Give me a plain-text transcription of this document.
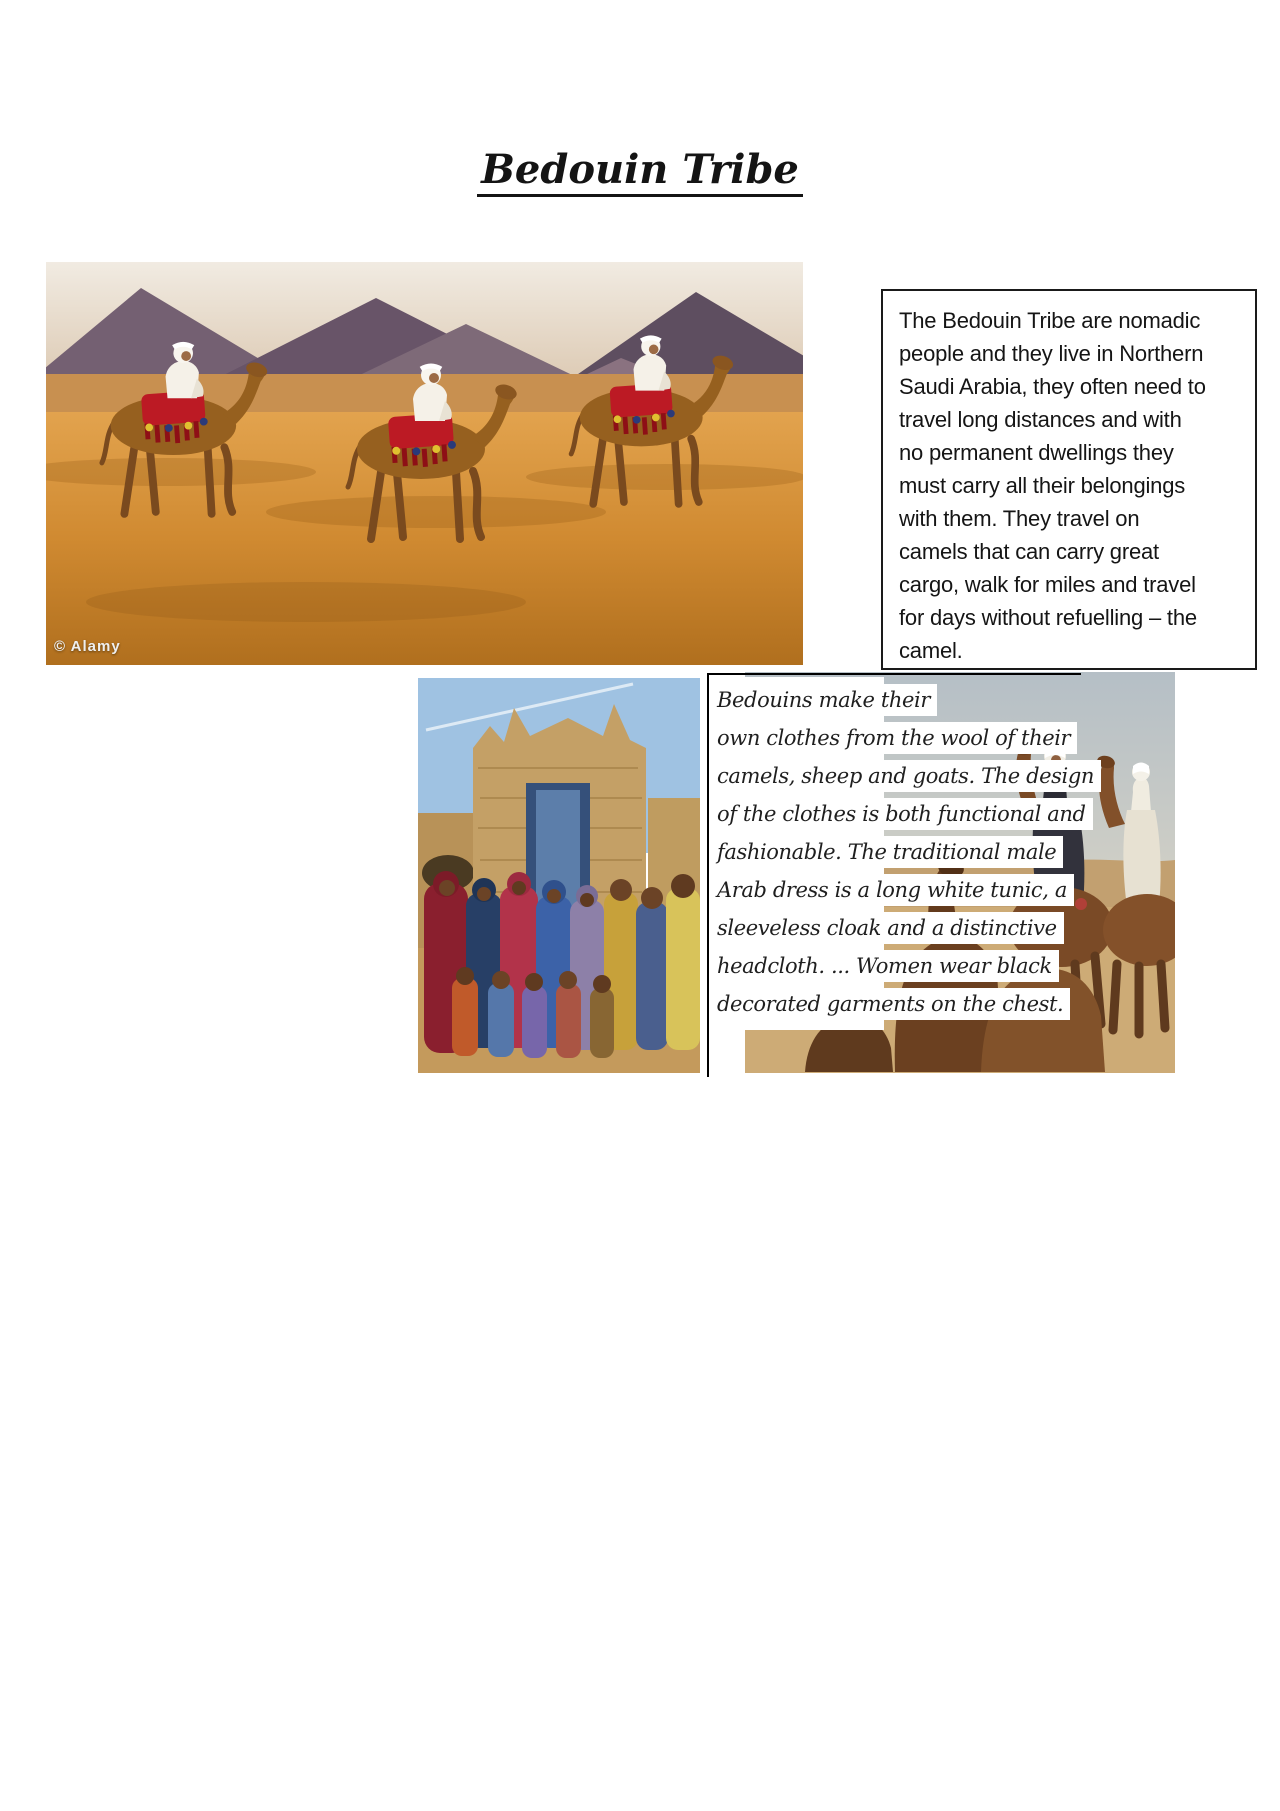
Bedouin Tribe
© Alamy
The Bedouin Tribe are nomadic
people and they live in Northern
Saudi Arabia, they often need to
travel long distances and with
no permanent dwellings they
must carry all their belongings
with them. They travel on
camels that can carry great
cargo, walk for miles and travel
for days without refuelling – the
camel.
Bedouins make their
own clothes from the wool of their
camels, sheep and goats. The design
of the clothes is both functional and
fashionable. The traditional male
Arab dress is a long white tunic, a
sleeveless cloak and a distinctive
headcloth. ... Women wear black
decorated garments on the chest.
